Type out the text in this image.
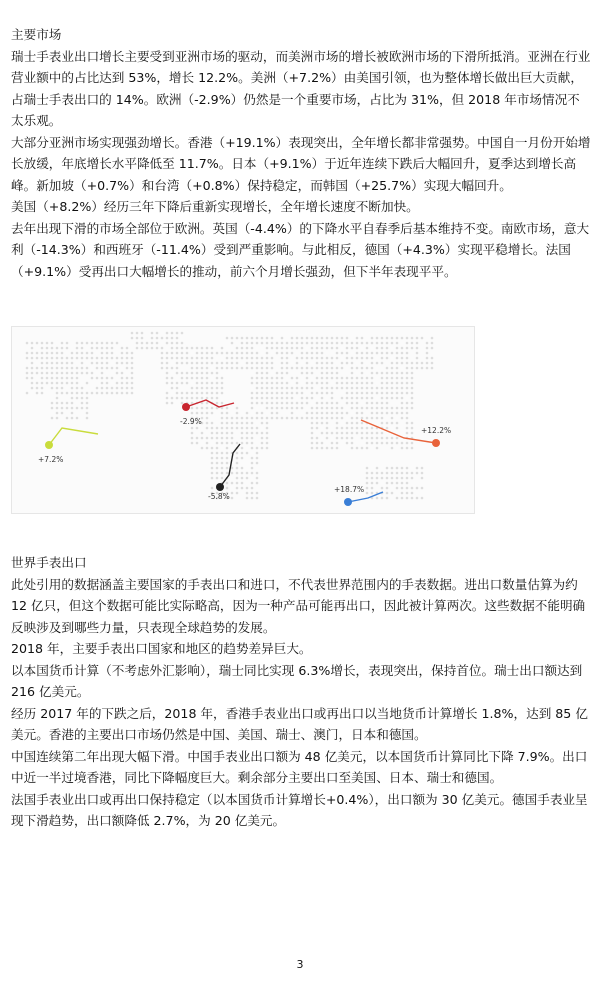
主要市场

瑞士手表业出口增长主要受到亚洲市场的驱动，而美洲市场的增长被欧洲市场的下滑所抵消。亚洲在行业营业额中的占比达到 53%，增长 12.2%。美洲（+7.2%）由美国引领，也为整体增长做出巨大贡献，占瑞士手表出口的 14%。欧洲（-2.9%）仍然是一个重要市场，占比为 31%，但 2018 年市场情况不太乐观。

大部分亚洲市场实现强劲增长。香港（+19.1%）表现突出，全年增长都非常强势。中国自一月份开始增长放缓，年底增长水平降低至 11.7%。日本（+9.1%）于近年连续下跌后大幅回升，夏季达到增长高峰。新加坡（+0.7%）和台湾（+0.8%）保持稳定，而韩国（+25.7%）实现大幅回升。

美国（+8.2%）经历三年下降后重新实现增长，全年增长速度不断加快。

去年出现下滑的市场全部位于欧洲。英国（-4.4%）的下降水平自春季后基本维持不变。南欧市场，意大利（-14.3%）和西班牙（-11.4%）受到严重影响。与此相反，德国（+4.3%）实现平稳增长。法国（+9.1%）受再出口大幅增长的推动，前六个月增长强劲，但下半年表现平平。

+7.2%
-2.9%
-5.8%
+12.2%
+18.7%

世界手表出口

此处引用的数据涵盖主要国家的手表出口和进口，不代表世界范围内的手表数据。进出口数量估算为约 12 亿只，但这个数据可能比实际略高，因为一种产品可能再出口，因此被计算两次。这些数据不能明确反映涉及到哪些力量，只表现全球趋势的发展。

2018 年，主要手表出口国家和地区的趋势差异巨大。

以本国货币计算（不考虑外汇影响），瑞士同比实现 6.3%增长，表现突出，保持首位。瑞士出口额达到 216 亿美元。

经历 2017 年的下跌之后，2018 年，香港手表业出口或再出口以当地货币计算增长 1.8%，达到 85 亿美元。香港的主要出口市场仍然是中国、美国、瑞士、澳门，日本和德国。

中国连续第二年出现大幅下滑。中国手表业出口额为 48 亿美元，以本国货币计算同比下降 7.9%。出口中近一半过境香港，同比下降幅度巨大。剩余部分主要出口至美国、日本、瑞士和德国。

法国手表业出口或再出口保持稳定（以本国货币计算增长+0.4%），出口额为 30 亿美元。德国手表业呈现下滑趋势，出口额降低 2.7%，为 20 亿美元。

3
